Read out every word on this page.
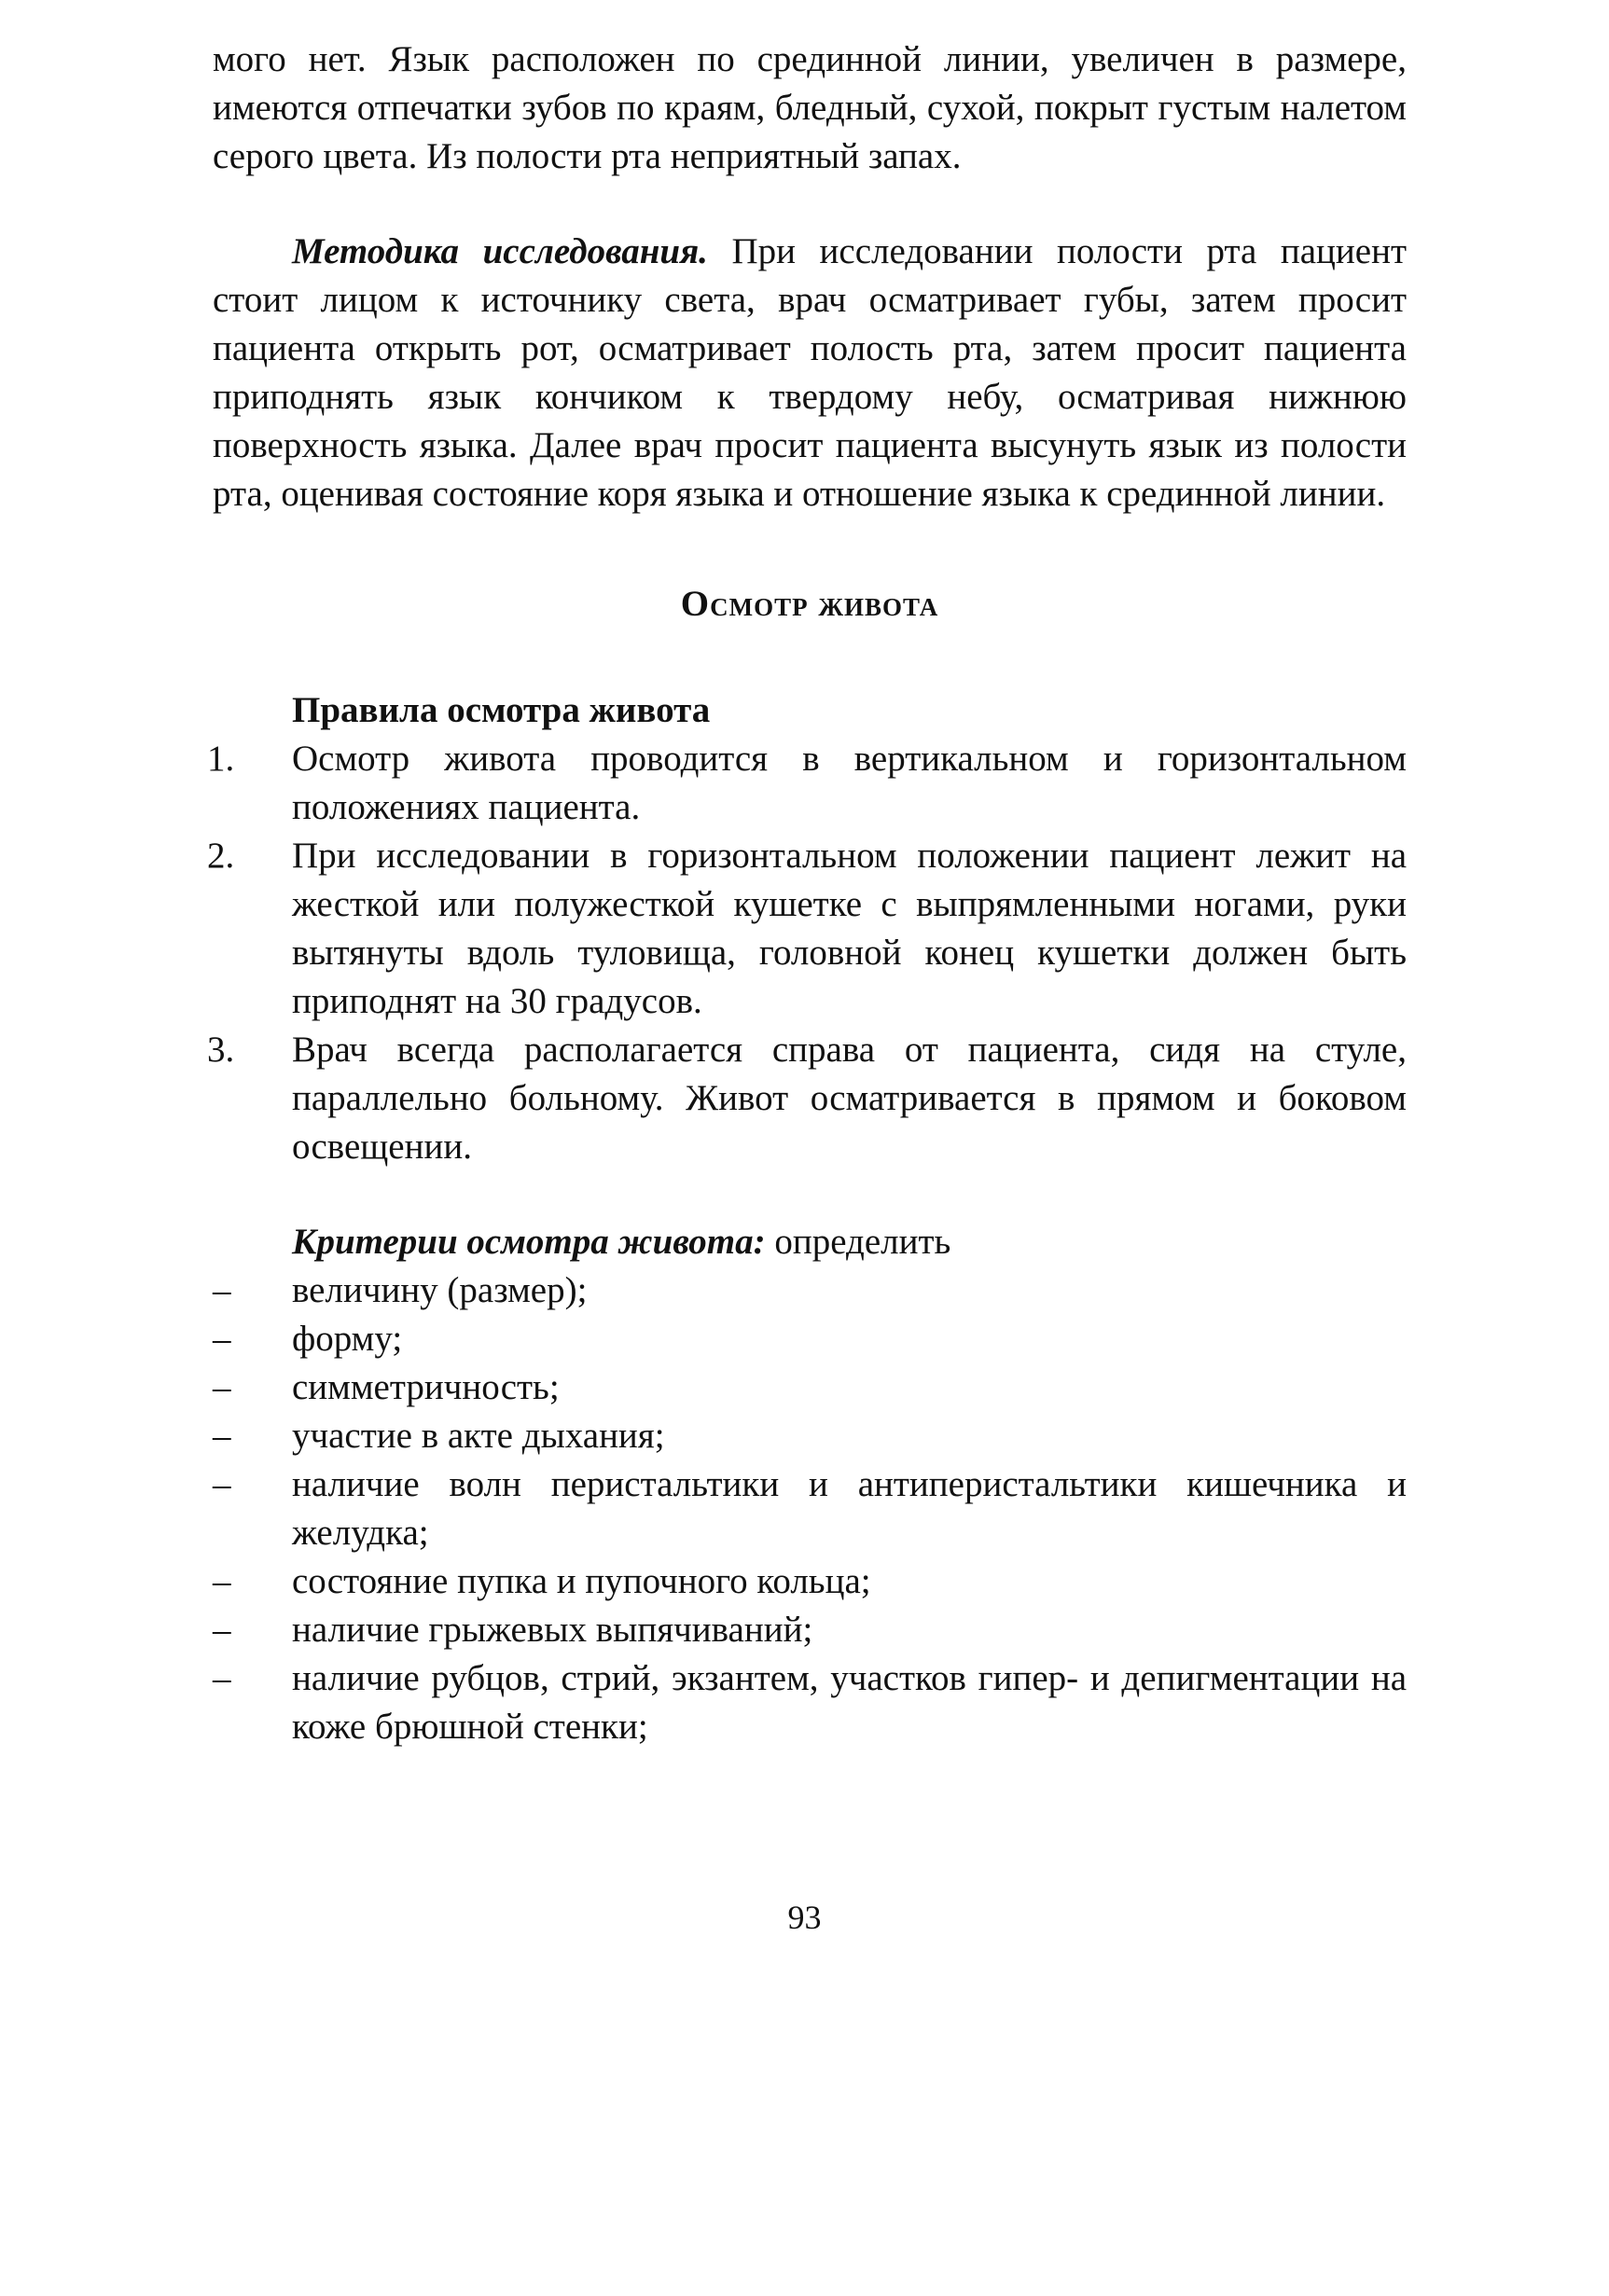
мого нет. Язык расположен по срединной линии, увеличен в размере, имеются отпечатки зубов по краям, бледный, сухой, покрыт густым налетом серого цвета. Из полости рта неприятный запах.

Методика исследования. При исследовании полости рта пациент стоит лицом к источнику света, врач осматривает губы, затем просит пациента открыть рот, осматривает полость рта, затем просит пациента приподнять язык кончиком к твердому небу, осматривая нижнюю поверхность языка. Далее врач просит пациента высунуть язык из полости рта, оценивая состояние коря языка и отношение языка к срединной линии.

Осмотр живота
Правила осмотра живота
1. Осмотр живота проводится в вертикальном и горизонтальном положениях пациента.
2. При исследовании в горизонтальном положении пациент лежит на жесткой или полужесткой кушетке с выпрямленными ногами, руки вытянуты вдоль туловища, головной конец кушетки должен быть приподнят на 30 градусов.
3. Врач всегда располагается справа от пациента, сидя на стуле, параллельно больному. Живот осматривается в прямом и боковом освещении.

Критерии осмотра живота: определить

– величину (размер);
– форму;
– симметричность;
– участие в акте дыхания;
– наличие волн перистальтики и антиперистальтики кишечника и желудка;
– состояние пупка и пупочного кольца;
– наличие грыжевых выпячиваний;
– наличие рубцов, стрий, экзантем, участков гипер- и депигментации на коже брюшной стенки;
93
